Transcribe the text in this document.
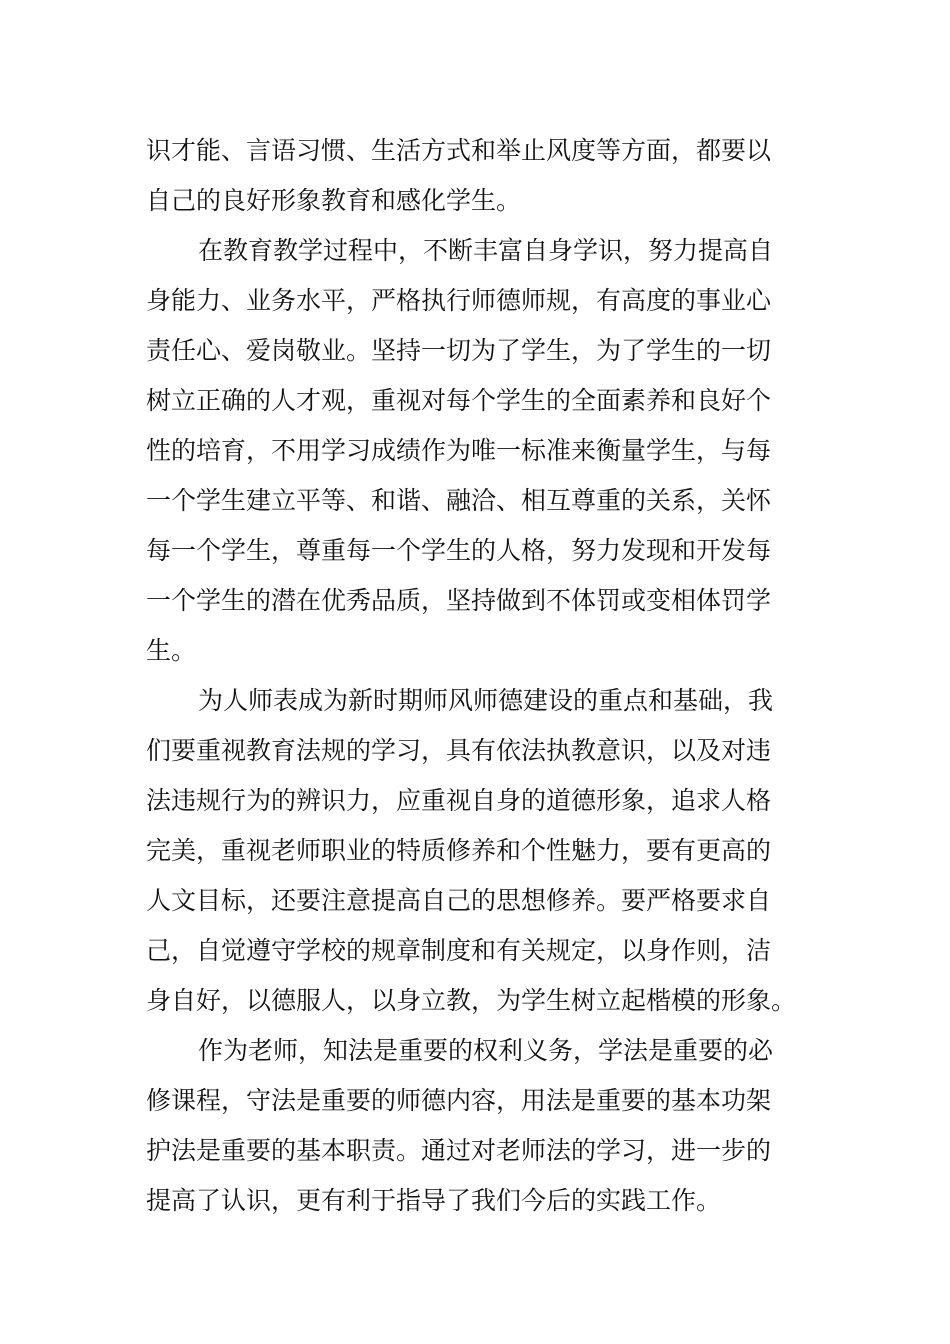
识才能、言语习惯、生活方式和举止风度等方面，都要以
自己的良好形象教育和感化学生。
在教育教学过程中，不断丰富自身学识，努力提高自
身能力、业务水平，严格执行师德师规，有高度的事业心
责任心、爱岗敬业。坚持一切为了学生，为了学生的一切
树立正确的人才观，重视对每个学生的全面素养和良好个
性的培育，不用学习成绩作为唯一标准来衡量学生，与每
一个学生建立平等、和谐、融洽、相互尊重的关系，关怀
每一个学生，尊重每一个学生的人格，努力发现和开发每
一个学生的潜在优秀品质，坚持做到不体罚或变相体罚学
生。
为人师表成为新时期师风师德建设的重点和基础，我
们要重视教育法规的学习，具有依法执教意识，以及对违
法违规行为的辨识力，应重视自身的道德形象，追求人格
完美，重视老师职业的特质修养和个性魅力，要有更高的
人文目标，还要注意提高自己的思想修养。要严格要求自
己，自觉遵守学校的规章制度和有关规定，以身作则，洁
身自好，以德服人，以身立教，为学生树立起楷模的形象。
作为老师，知法是重要的权利义务，学法是重要的必
修课程，守法是重要的师德内容，用法是重要的基本功架
护法是重要的基本职责。通过对老师法的学习，进一步的
提高了认识，更有利于指导了我们今后的实践工作。
